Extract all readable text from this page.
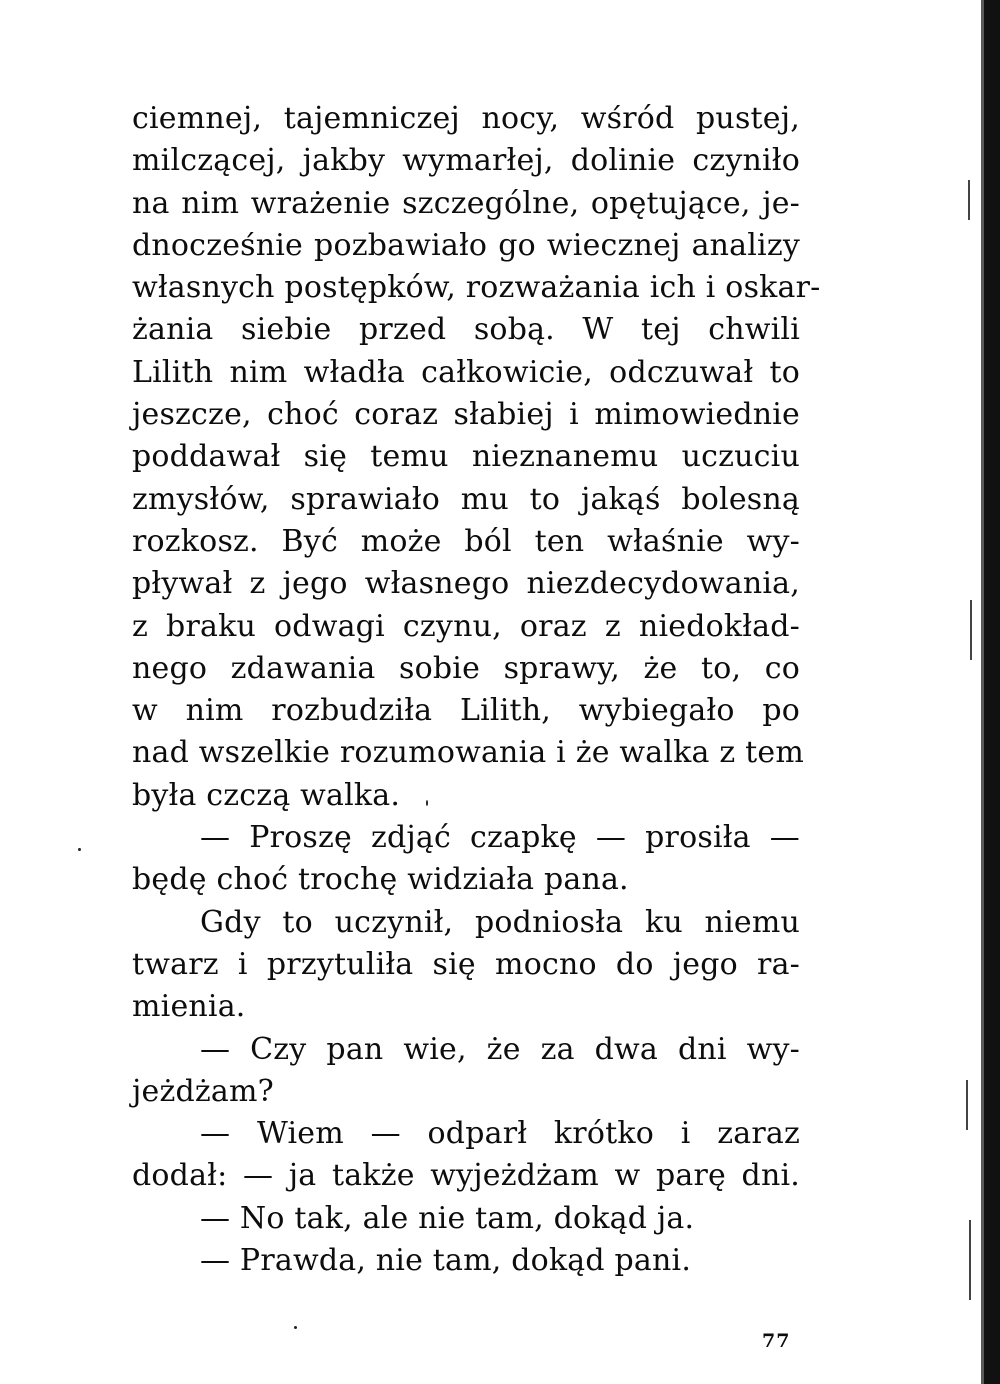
ciemnej, tajemniczej nocy, wśród pustej,
milczącej, jakby wymarłej, dolinie czyniło
na nim wrażenie szczególne, opętujące, je‑
dnocześnie pozbawiało go wiecznej analizy
własnych postępków, rozważania ich i oskar‑
żania siebie przed sobą. W tej chwili
Lilith nim władła całkowicie, odczuwał to
jeszcze, choć coraz słabiej i mimowiednie
poddawał się temu nieznanemu uczuciu
zmysłów, sprawiało mu to jakąś bolesną
rozkosz. Być może ból ten właśnie wy‑
pływał z jego własnego niezdecydowania,
z braku odwagi czynu, oraz z niedokład‑
nego zdawania sobie sprawy, że to, co
w nim rozbudziła Lilith, wybiegało po
nad wszelkie rozumowania i że walka z tem
była czczą walka.
— Proszę zdjąć czapkę — prosiła —
będę choć trochę widziała pana.
Gdy to uczynił, podniosła ku niemu
twarz i przytuliła się mocno do jego ra‑
mienia.
— Czy pan wie, że za dwa dni wy‑
jeżdżam?
— Wiem — odparł krótko i zaraz
dodał: — ja także wyjeżdżam w parę dni.
— No tak, ale nie tam, dokąd ja.
— Prawda, nie tam, dokąd pani.
77
